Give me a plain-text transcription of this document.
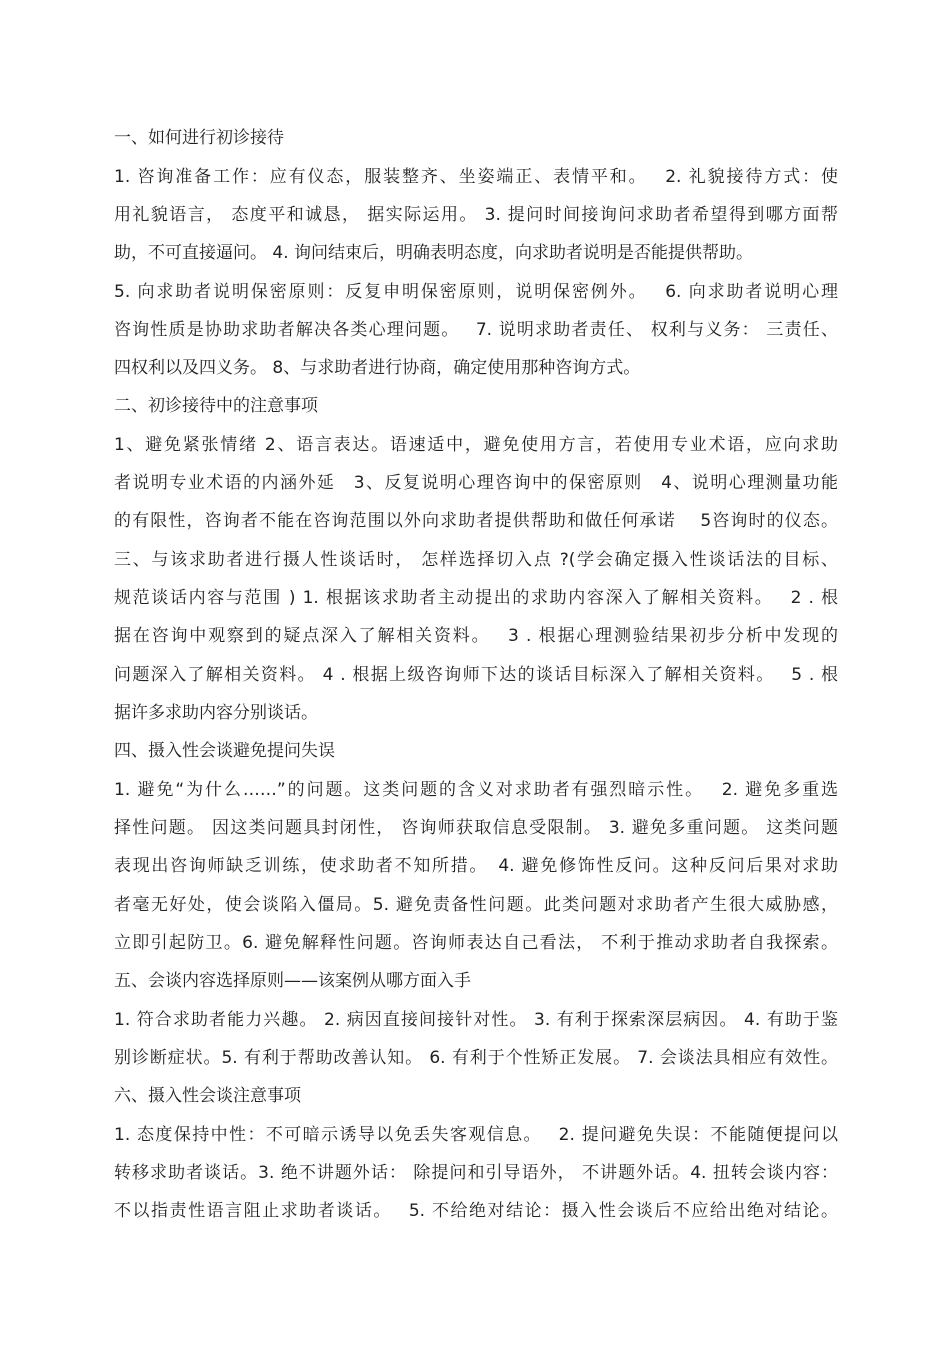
一、如何进行初诊接待
1. 咨询准备工作：应有仪态，服装整齐、坐姿端正、表情平和。　 2. 礼貌接待方式：使
用礼貌语言， 态度平和诚恳， 据实际运用。 3. 提问时间接询问求助者希望得到哪方面帮
助，不可直接逼问。 4. 询问结束后，明确表明态度，向求助者说明是否能提供帮助。
5. 向求助者说明保密原则：反复申明保密原则，说明保密例外。　 6. 向求助者说明心理
咨询性质是协助求助者解决各类心理问题。　 7. 说明求助者责任、 权利与义务： 三责任、
四权利以及四义务。 8、与求助者进行协商，确定使用那种咨询方式。
二、初诊接待中的注意事项
1、避免紧张情绪 2、语言表达。语速适中，避免使用方言，若使用专业术语，应向求助
者说明专业术语的内涵外延　3、反复说明心理咨询中的保密原则　4、说明心理测量功能
的有限性，咨询者不能在咨询范围以外向求助者提供帮助和做任何承诺　 5咨询时的仪态。
三、与该求助者进行摄人性谈话时， 怎样选择切入点 ?(学会确定摄入性谈话法的目标、
规范谈话内容与范围 ) 1. 根据该求助者主动提出的求助内容深入了解相关资料。　 2 . 根
据在咨询中观察到的疑点深入了解相关资料。　 3 . 根据心理测验结果初步分析中发现的
问题深入了解相关资料。 4 . 根据上级咨询师下达的谈话目标深入了解相关资料。　 5 . 根
据许多求助内容分别谈话。
四、摄入性会谈避免提问失误
1. 避免“为什么……”的问题。这类问题的含义对求助者有强烈暗示性。　 2. 避免多重选
择性问题。 因这类问题具封闭性， 咨询师获取信息受限制。 3. 避免多重问题。 这类问题
表现出咨询师缺乏训练，使求助者不知所措。　4. 避免修饰性反问。这种反问后果对求助
者毫无好处，使会谈陷入僵局。5. 避免责备性问题。此类问题对求助者产生很大威胁感，
立即引起防卫。6. 避免解释性问题。咨询师表达自己看法， 不利于推动求助者自我探索。
五、会谈内容选择原则——该案例从哪方面入手
1. 符合求助者能力兴趣。 2. 病因直接间接针对性。 3. 有利于探索深层病因。 4. 有助于鉴
别诊断症状。5. 有利于帮助改善认知。 6. 有利于个性矫正发展。 7. 会谈法具相应有效性。
六、摄入性会谈注意事项
1. 态度保持中性：不可暗示诱导以免丢失客观信息。　 2. 提问避免失误：不能随便提问以
转移求助者谈话。3. 绝不讲题外话： 除提问和引导语外， 不讲题外话。4. 扭转会谈内容：
不以指责性语言阻止求助者谈话。　 5. 不给绝对结论：摄入性会谈后不应给出绝对结论。
